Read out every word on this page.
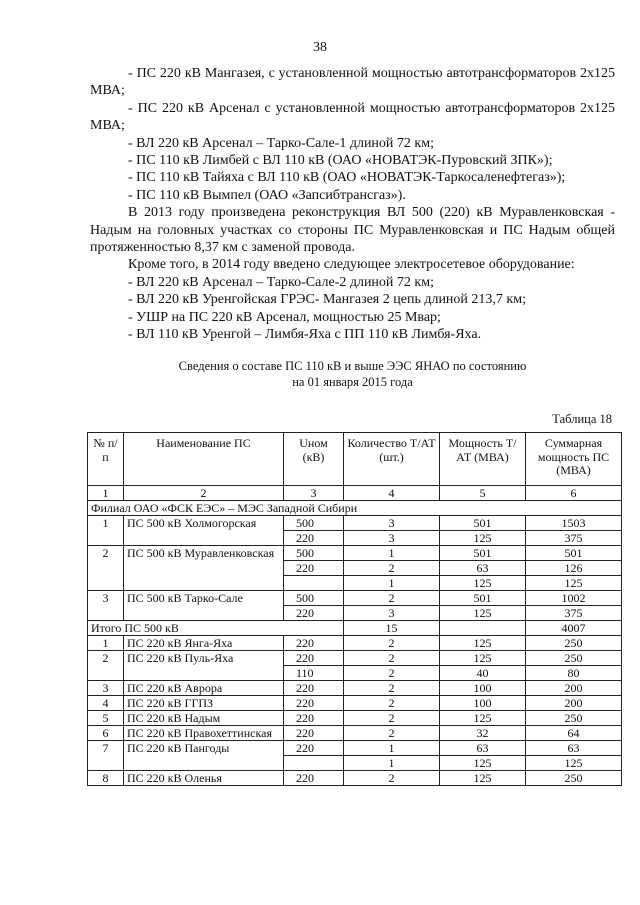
38

- ПС 220 кВ Мангазея, с установленной мощностью автотрансформаторов 2х125 МВА;

- ПС 220 кВ Арсенал с установленной мощностью автотрансформаторов 2х125 МВА;

- ВЛ 220 кВ Арсенал – Тарко-Сале-1 длиной 72 км;

- ПС 110 кВ Лимбей с ВЛ 110 кВ (ОАО «НОВАТЭК-Пуровский ЗПК»);

- ПС 110 кВ Тайяха с ВЛ 110 кВ (ОАО «НОВАТЭК-Таркосаленефтегаз»);

- ПС 110 кВ Вымпел (ОАО «Запсибтрансгаз»).

В 2013 году произведена реконструкция ВЛ 500 (220) кВ Муравленковская - Надым на головных участках со стороны ПС Муравленковская и ПС Надым общей протяженностью 8,37 км с заменой провода.

Кроме того, в 2014 году введено следующее электросетевое оборудование:

- ВЛ 220 кВ Арсенал – Тарко-Сале-2 длиной 72 км;

- ВЛ 220 кВ Уренгойская ГРЭС- Мангазея 2 цепь длиной 213,7 км;

- УШР на ПС 220 кВ Арсенал, мощностью 25 Мвар;

- ВЛ 110 кВ Уренгой – Лимбя-Яха с ПП 110 кВ Лимбя-Яха.

Сведения о составе ПС 110 кВ и выше ЭЭС ЯНАО по состоянию
на 01 января 2015 года
Таблица 18
№ п/п	Наименование ПС	Uном (кВ)	Количество Т/АТ (шт.)	Мощность Т/АТ (МВА)	Суммарная мощность ПС (МВА)
1	2	3	4	5	6
Филиал ОАО «ФСК ЕЭС» – МЭС Западной Сибири					
1	ПС 500 кВ Холмогорская	500	3	501	1503
		220	3	125	375
2	ПС 500 кВ Муравленковская	500	1	501	501
		220	2	63	126
			1	125	125
3	ПС 500 кВ Тарко-Сале	500	2	501	1002
		220	3	125	375
Итого ПС 500 кВ			15		4007
1	ПС 220 кВ Янга-Яха	220	2	125	250
2	ПС 220 кВ Пуль-Яха	220	2	125	250
		110	2	40	80
3	ПС 220 кВ Аврора	220	2	100	200
4	ПС 220 кВ ГГПЗ	220	2	100	200
5	ПС 220 кВ Надым	220	2	125	250
6	ПС 220 кВ Правохеттинская	220	2	32	64
7	ПС 220 кВ Пангоды	220	1	63	63
			1	125	125
8	ПС 220 кВ Оленья	220	2	125	250
